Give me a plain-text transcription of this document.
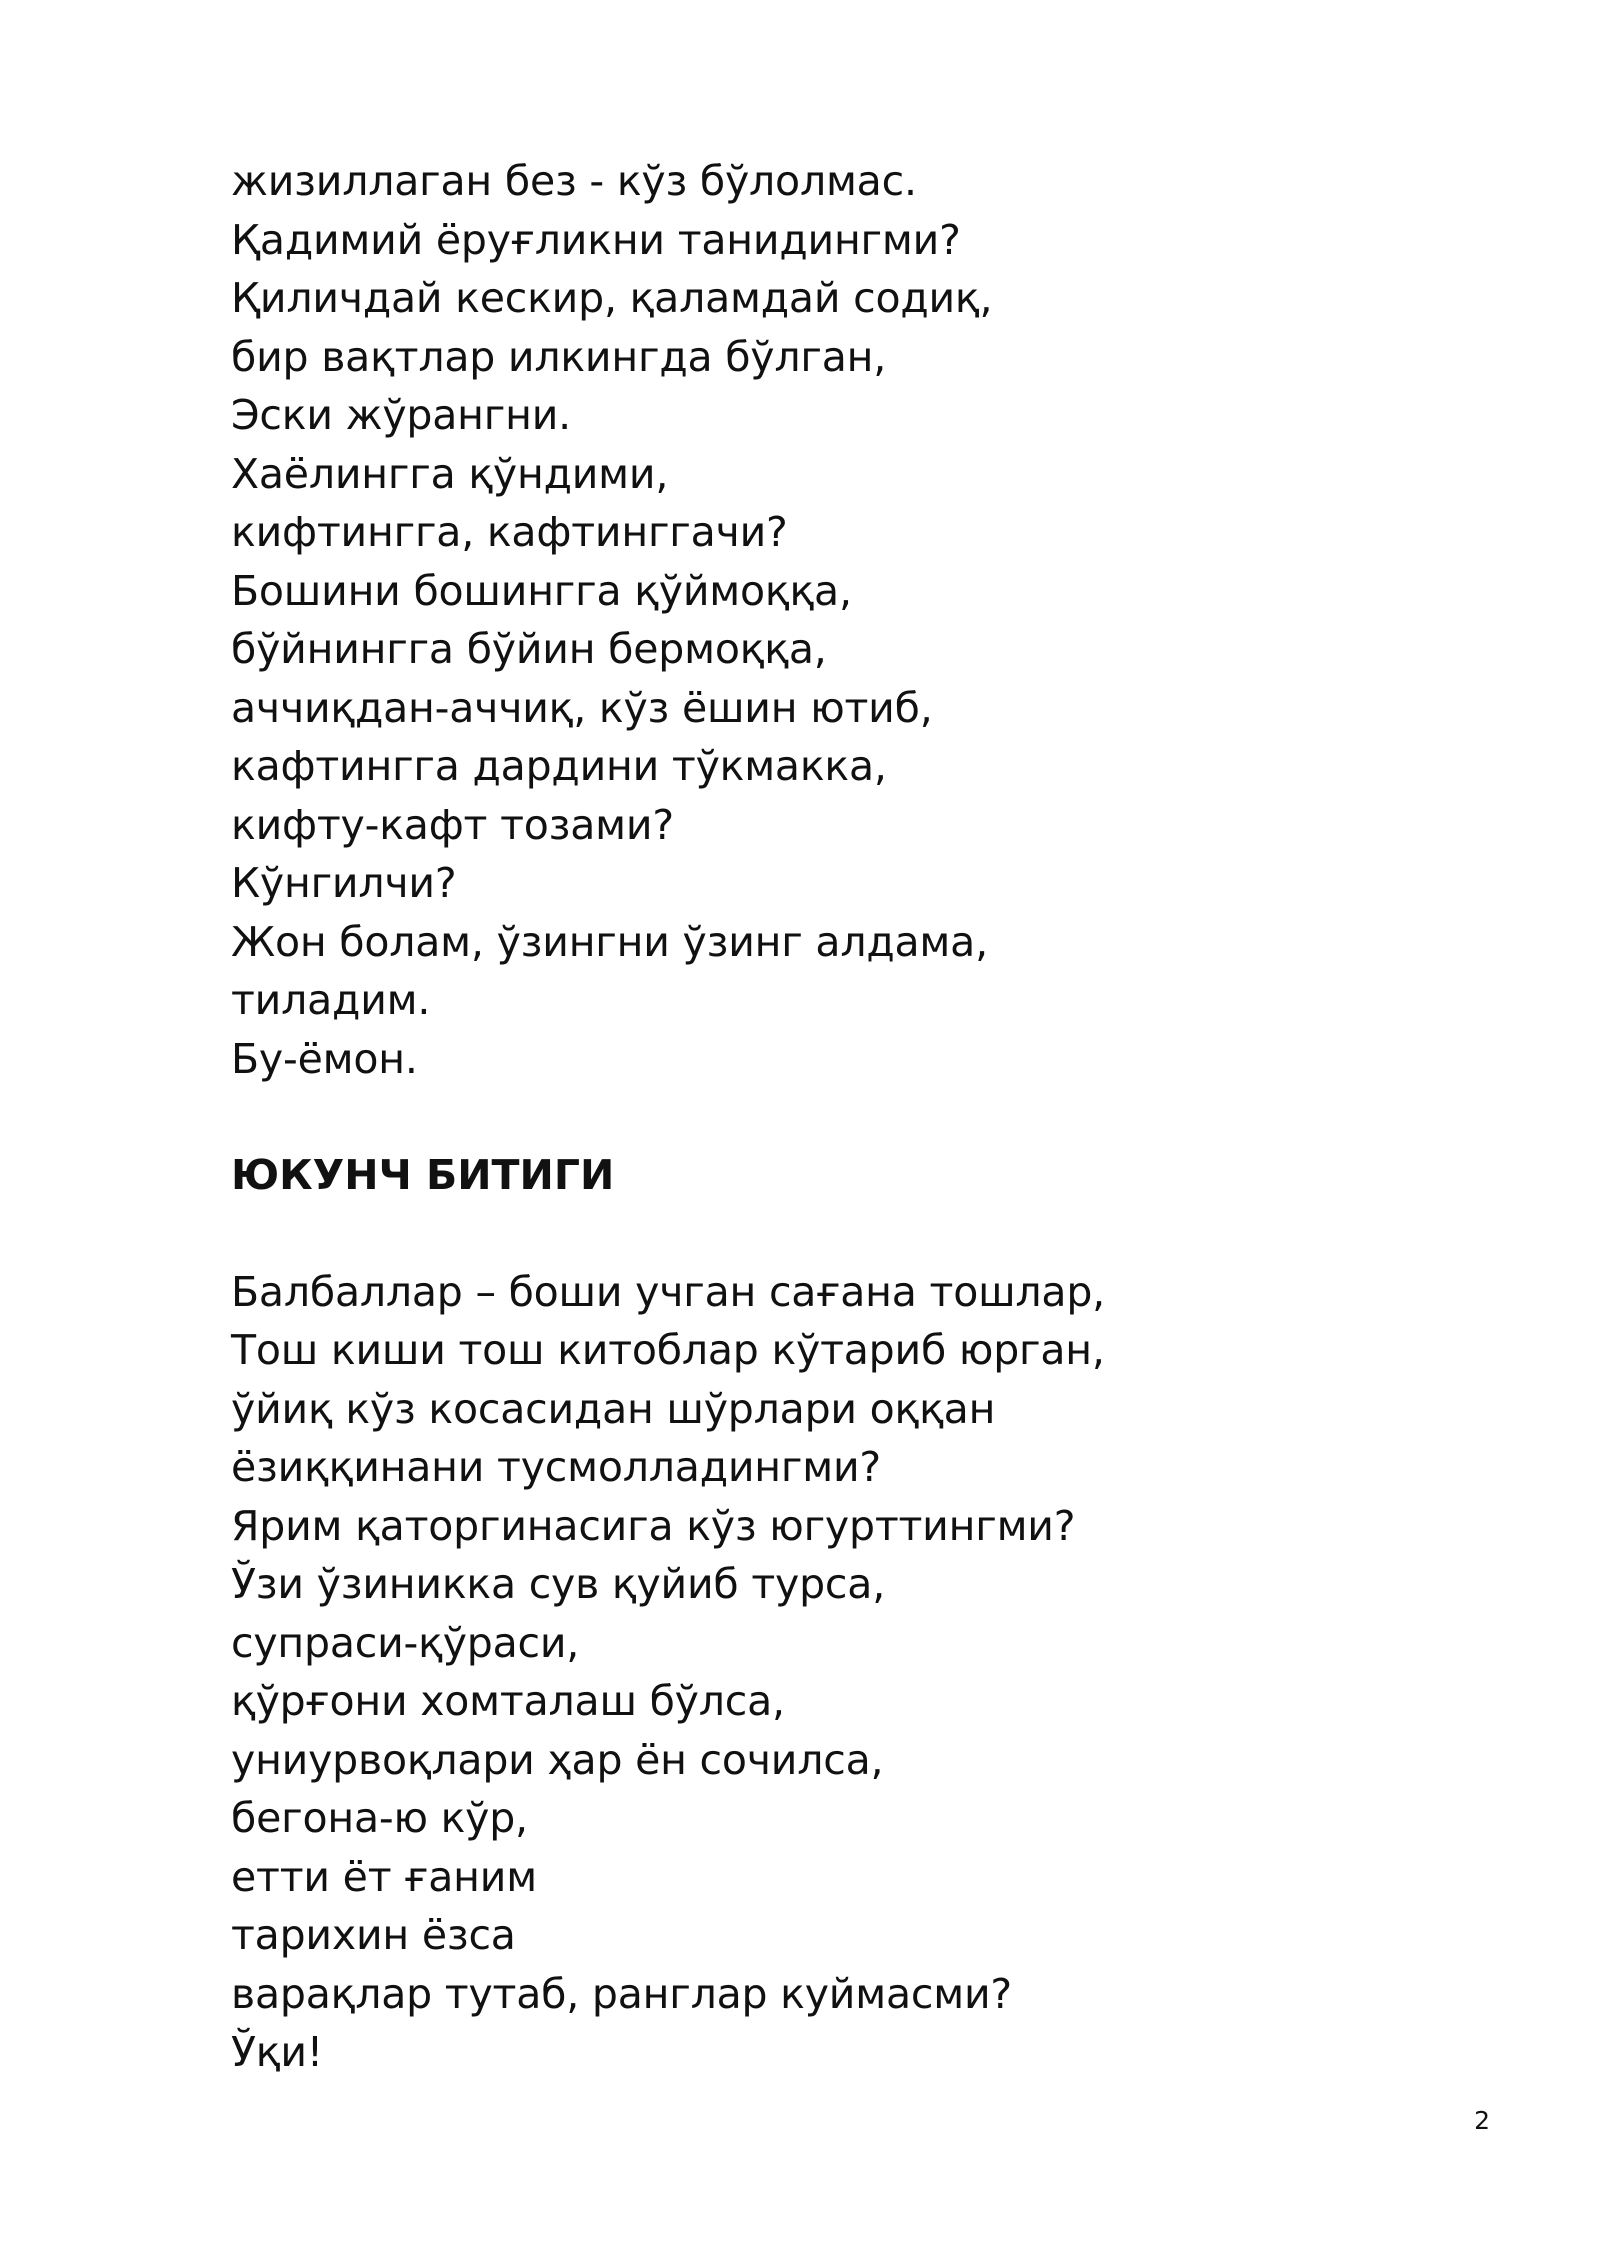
жизиллаган без - кўз бўлолмас.
Қадимий ёруғликни танидингми?
Қиличдай кескир, қаламдай содиқ,
бир вақтлар илкингда бўлган,
Эски жўрангни.
Хаёлингга қўндими,
кифтингга, кафтинггачи?
Бошини бошингга қўймоққа,
бўйнингга бўйин бермоққа,
аччиқдан-аччиқ, кўз ёшин ютиб,
кафтингга дардини тўкмакка,
кифту-кафт тозами?
Кўнгилчи?
Жон болам, ўзингни ўзинг алдама,
тиладим.
Бу-ёмон.
ЮКУНЧ БИТИГИ
Балбаллар – боши учган сағана тошлар,
Тош киши тош китоблар кўтариб юрган,
ўйиқ кўз косасидан шўрлари оққан
ёзиққинани тусмолладингми?
Ярим қаторгинасига кўз югурттингми?
Ўзи ўзиникка сув қуйиб турса,
супраси-қўраси,
қўрғони хомталаш бўлса,
униурвоқлари ҳар ён сочилса,
бегона-ю кўр,
етти ёт ғаним
тарихин ёзса
варақлар тутаб, ранглар куймасми?
Ўқи!
2
